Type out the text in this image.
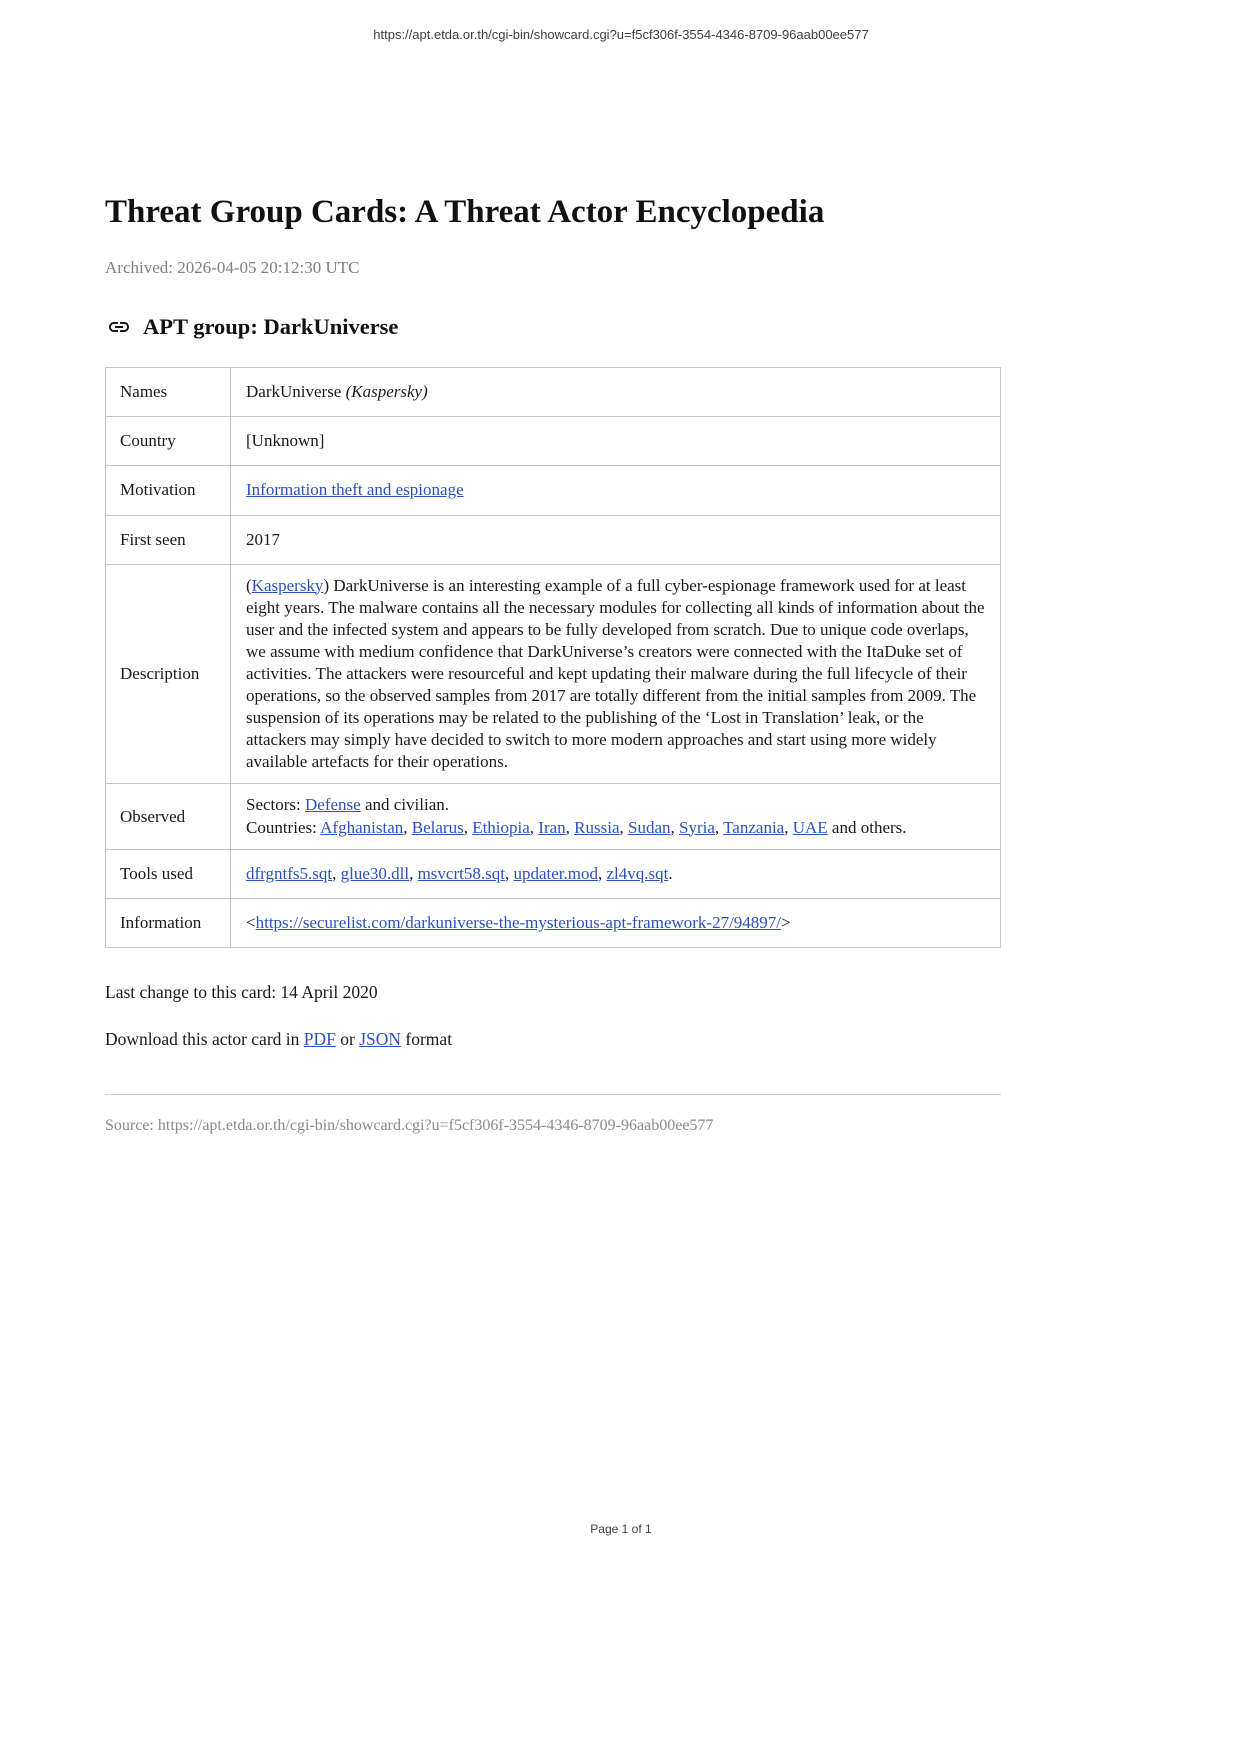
https://apt.etda.or.th/cgi-bin/showcard.cgi?u=f5cf306f-3554-4346-8709-96aab00ee577
Threat Group Cards: A Threat Actor Encyclopedia
Archived: 2026-04-05 20:12:30 UTC
APT group: DarkUniverse
Names	DarkUniverse (Kaspersky)
Country	[Unknown]
Motivation	Information theft and espionage
First seen	2017
Description	(Kaspersky) DarkUniverse is an interesting example of a full cyber-espionage framework used for at least eight years. The malware contains all the necessary modules for collecting all kinds of information about the user and the infected system and appears to be fully developed from scratch. Due to unique code overlaps, we assume with medium confidence that DarkUniverse’s creators were connected with the ItaDuke set of activities. The attackers were resourceful and kept updating their malware during the full lifecycle of their operations, so the observed samples from 2017 are totally different from the initial samples from 2009. The suspension of its operations may be related to the publishing of the ‘Lost in Translation’ leak, or the attackers may simply have decided to switch to more modern approaches and start using more widely available artefacts for their operations.
Observed	Sectors: Defense and civilian.
Countries: Afghanistan, Belarus, Ethiopia, Iran, Russia, Sudan, Syria, Tanzania, UAE and others.

Tools used	dfrgntfs5.sqt, glue30.dll, msvcrt58.sqt, updater.mod, zl4vq.sqt.
Information	<https://securelist.com/darkuniverse-the-mysterious-apt-framework-27/94897/>

Last change to this card: 14 April 2020

Download this actor card in PDF or JSON format

Source: https://apt.etda.or.th/cgi-bin/showcard.cgi?u=f5cf306f-3554-4346-8709-96aab00ee577

Page 1 of 1
